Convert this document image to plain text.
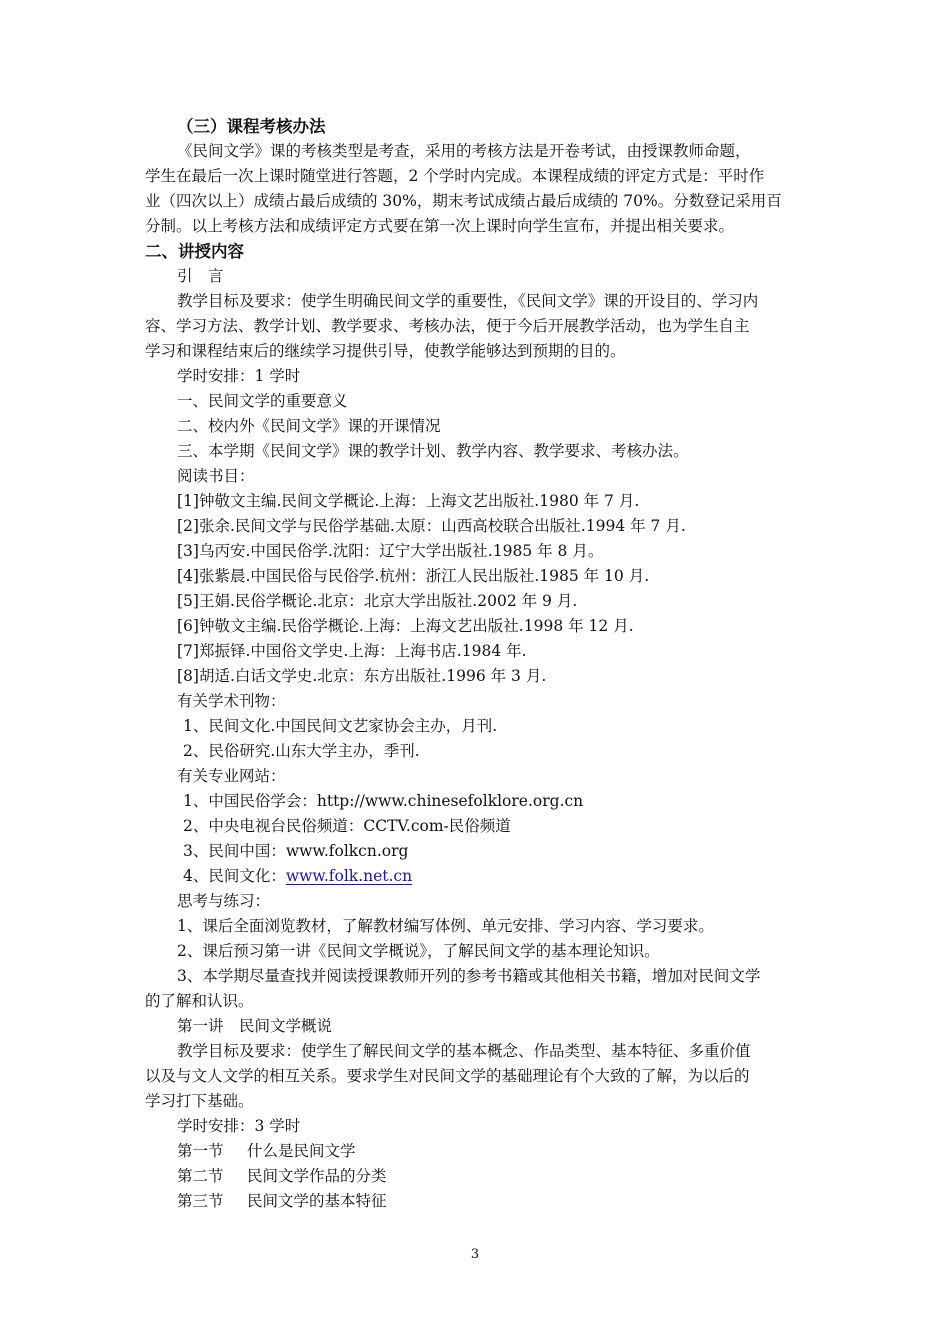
（三）课程考核办法
《民间文学》课的考核类型是考查，采用的考核方法是开卷考试，由授课教师命题，
学生在最后一次上课时随堂进行答题，2 个学时内完成。本课程成绩的评定方式是：平时作
业（四次以上）成绩占最后成绩的 30%，期末考试成绩占最后成绩的 70%。分数登记采用百
分制。以上考核方法和成绩评定方式要在第一次上课时向学生宣布，并提出相关要求。
二、讲授内容
引　言
教学目标及要求：使学生明确民间文学的重要性，《民间文学》课的开设目的、学习内
容、学习方法、教学计划、教学要求、考核办法，便于今后开展教学活动，也为学生自主
学习和课程结束后的继续学习提供引导，使教学能够达到预期的目的。
学时安排：1 学时
一、民间文学的重要意义
二、校内外《民间文学》课的开课情况
三、本学期《民间文学》课的教学计划、教学内容、教学要求、考核办法。
阅读书目：
[1]钟敬文主编.民间文学概论.上海：上海文艺出版社.1980 年 7 月.
[2]张余.民间文学与民俗学基础.太原：山西高校联合出版社.1994 年 7 月.
[3]乌丙安.中国民俗学.沈阳：辽宁大学出版社.1985 年 8 月。
[4]张紫晨.中国民俗与民俗学.杭州：浙江人民出版社.1985 年 10 月.
[5]王娟.民俗学概论.北京：北京大学出版社.2002 年 9 月.
[6]钟敬文主编.民俗学概论.上海：上海文艺出版社.1998 年 12 月.
[7]郑振铎.中国俗文学史.上海：上海书店.1984 年.
[8]胡适.白话文学史.北京：东方出版社.1996 年 3 月.
有关学术刊物：
1、民间文化.中国民间文艺家协会主办，月刊.
2、民俗研究.山东大学主办，季刊.
有关专业网站：
1、中国民俗学会：http://www.chinesefolklore.org.cn
2、中央电视台民俗频道：CCTV.com-民俗频道
3、民间中国：www.folkcn.org
4、民间文化：www.folk.net.cn
思考与练习：
1、课后全面浏览教材，了解教材编写体例、单元安排、学习内容、学习要求。
2、课后预习第一讲《民间文学概说》，了解民间文学的基本理论知识。
3、本学期尽量查找并阅读授课教师开列的参考书籍或其他相关书籍，增加对民间文学
的了解和认识。
第一讲　民间文学概说
教学目标及要求：使学生了解民间文学的基本概念、作品类型、基本特征、多重价值
以及与文人文学的相互关系。要求学生对民间文学的基础理论有个大致的了解，为以后的
学习打下基础。
学时安排：3 学时
第一节 什么是民间文学
第二节 民间文学作品的分类
第三节 民间文学的基本特征
3
